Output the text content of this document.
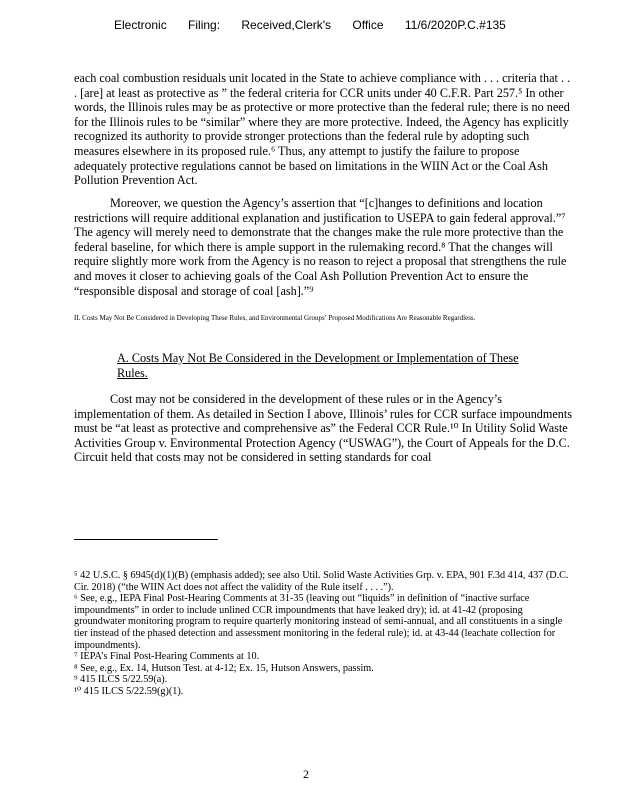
Electronic Filing: Received,Clerk's Office 11/6/2020P.C.#135

each coal combustion residuals unit located in the State to achieve compliance with . . . criteria that . . . [are] at least as protective as ” the federal criteria for CCR units under 40 C.F.R. Part 257.⁵ In other words, the Illinois rules may be as protective or more protective than the federal rule; there is no need for the Illinois rules to be “similar” where they are more protective. Indeed, the Agency has explicitly recognized its authority to provide stronger protections than the federal rule by adopting such measures elsewhere in its proposed rule.⁶ Thus, any attempt to justify the failure to propose adequately protective regulations cannot be based on limitations in the WIIN Act or the Coal Ash Pollution Prevention Act.

Moreover, we question the Agency’s assertion that “[c]hanges to definitions and location restrictions will require additional explanation and justification to USEPA to gain federal approval.”⁷ The agency will merely need to demonstrate that the changes make the rule more protective than the federal baseline, for which there is ample support in the rulemaking record.⁸ That the changes will require slightly more work from the Agency is no reason to reject a proposal that strengthens the rule and moves it closer to achieving goals of the Coal Ash Pollution Prevention Act to ensure the “responsible disposal and storage of coal [ash].”⁹

II. Costs May Not Be Considered in Developing These Rules, and Environmental Groups’ Proposed Modifications Are Reasonable Regardless.
A. Costs May Not Be Considered in the Development or Implementation of These Rules.

Cost may not be considered in the development of these rules or in the Agency’s implementation of them. As detailed in Section I above, Illinois’ rules for CCR surface impoundments must be “at least as protective and comprehensive as” the Federal CCR Rule.¹⁰ In Utility Solid Waste Activities Group v. Environmental Protection Agency (“USWAG”), the Court of Appeals for the D.C. Circuit held that costs may not be considered in setting standards for coal

⁵ 42 U.S.C. § 6945(d)(1)(B) (emphasis added); see also Util. Solid Waste Activities Grp. v. EPA, 901 F.3d 414, 437 (D.C. Cir. 2018) (“the WIIN Act does not affect the validity of the Rule itself . . . .”).

⁶ See, e.g., IEPA Final Post-Hearing Comments at 31-35 (leaving out “liquids” in definition of “inactive surface impoundments” in order to include unlined CCR impoundments that have leaked dry); id. at 41-42 (proposing groundwater monitoring program to require quarterly monitoring instead of semi-annual, and all constituents in a single tier instead of the phased detection and assessment monitoring in the federal rule); id. at 43-44 (leachate collection for impoundments).

⁷ IEPA’s Final Post-Hearing Comments at 10.

⁸ See, e.g., Ex. 14, Hutson Test. at 4-12; Ex. 15, Hutson Answers, passim.

⁹ 415 ILCS 5/22.59(a).

¹⁰ 415 ILCS 5/22.59(g)(1).

2
